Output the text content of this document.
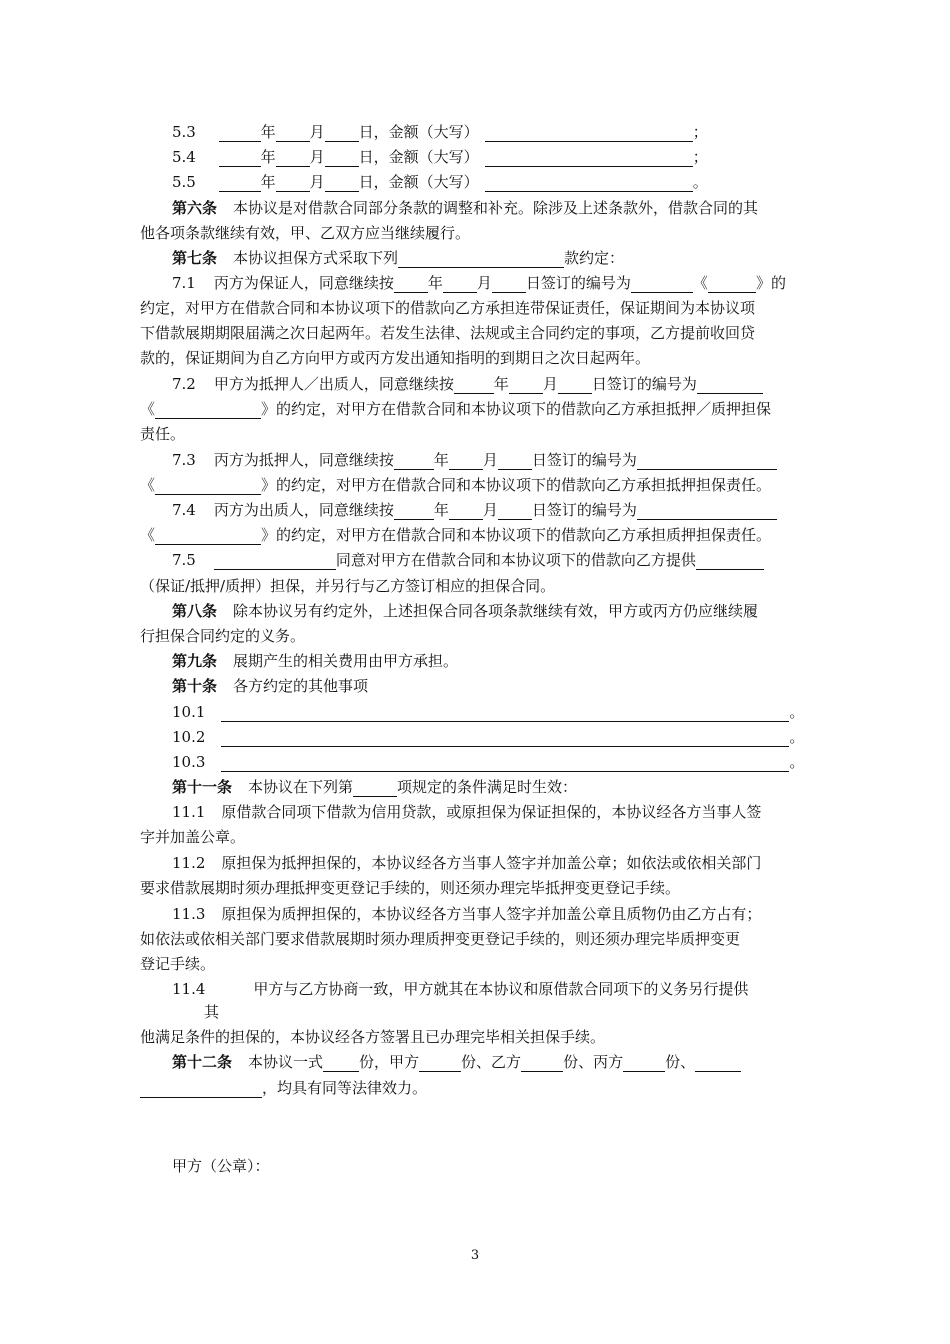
5.3	年 月 日，金额（大写）	；
5.4	年 月 日，金额（大写）	；
5.5	年 月 日，金额（大写）	。
第六条 本协议是对借款合同部分条款的调整和补充。除涉及上述条款外，借款合同的其
他各项条款继续有效，甲、乙双方应当继续履行。
第七条 本协议担保方式采取下列	款约定：
7.1 丙方为保证人，同意继续按 年 月 日签订的编号为	《	》的
约定，对甲方在借款合同和本协议项下的借款向乙方承担连带保证责任，保证期间为本协议项
下借款展期期限届满之次日起两年。若发生法律、法规或主合同约定的事项，乙方提前收回贷
款的，保证期间为自乙方向甲方或丙方发出通知指明的到期日之次日起两年。
7.2 甲方为抵押人／出质人，同意继续按	年 月 日签订的编号为
《	》的约定，对甲方在借款合同和本协议项下的借款向乙方承担抵押／质押担保
责任。
7.3 丙方为抵押人，同意继续按	年 月 日签订的编号为
《	》的约定，对甲方在借款合同和本协议项下的借款向乙方承担抵押担保责任。
7.4 丙方为出质人，同意继续按	年 月 日签订的编号为
《	》的约定，对甲方在借款合同和本协议项下的借款向乙方承担质押担保责任。
7.5	同意对甲方在借款合同和本协议项下的借款向乙方提供
（保证/抵押/质押）担保，并另行与乙方签订相应的担保合同。
第八条 除本协议另有约定外，上述担保合同各项条款继续有效，甲方或丙方仍应继续履
行担保合同约定的义务。
第九条 展期产生的相关费用由甲方承担。
第十条 各方约定的其他事项
10.1	。
10.2	。
10.3	。
第十一条 本协议在下列第	项规定的条件满足时生效：
11.1 原借款合同项下借款为信用贷款，或原担保为保证担保的，本协议经各方当事人签
字并加盖公章。
11.2 原担保为抵押担保的，本协议经各方当事人签字并加盖公章；如依法或依相关部门
要求借款展期时须办理抵押变更登记手续的，则还须办理完毕抵押变更登记手续。
11.3 原担保为质押担保的，本协议经各方当事人签字并加盖公章且质物仍由乙方占有；
如依法或依相关部门要求借款展期时须办理质押变更登记手续的，则还须办理完毕质押变更
登记手续。
11.4	甲方与乙方协商一致，甲方就其在本协议和原借款合同项下的义务另行提供
其
他满足条件的担保的，本协议经各方签署且已办理完毕相关担保手续。
第十二条 本协议一式 份，甲方	份、乙方	份、丙方	份、
，均具有同等法律效力。
甲方（公章）：
3
